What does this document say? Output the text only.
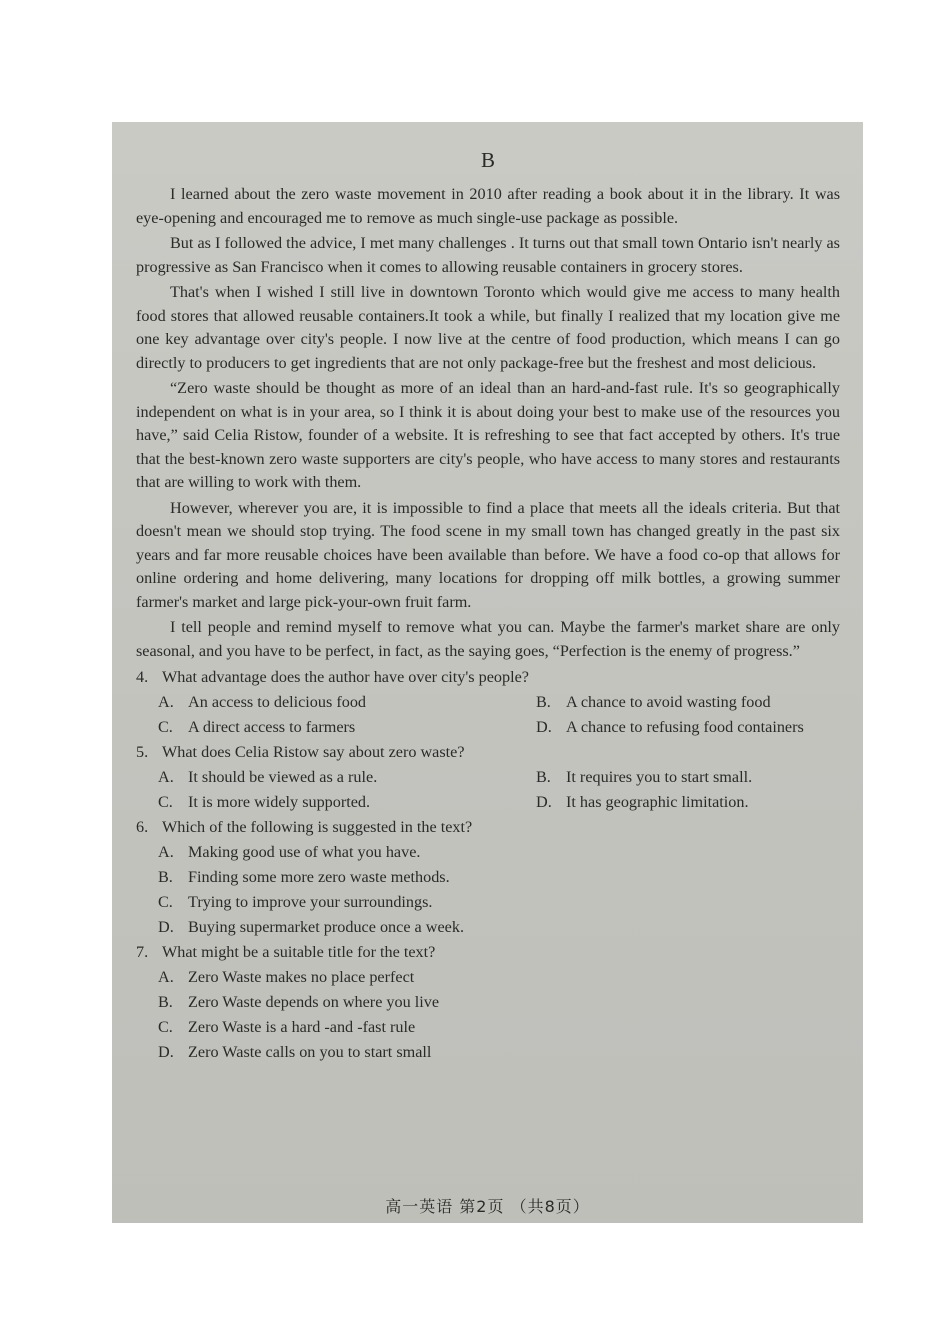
B

I learned about the zero waste movement in 2010 after reading a book about it in the library. It was eye-opening and encouraged me to remove as much single-use package as possible.

But as I followed the advice, I met many challenges . It turns out that small town Ontario isn't nearly as progressive as San Francisco when it comes to allowing reusable containers in grocery stores.

That's when I wished I still live in downtown Toronto which would give me access to many health food stores that allowed reusable containers.It took a while, but finally I realized that my location give me one key advantage over city's people. I now live at the centre of food production, which means I can go directly to producers to get ingredients that are not only package-free but the freshest and most delicious.

“Zero waste should be thought as more of an ideal than an hard-and-fast rule. It's so geographically independent on what is in your area, so I think it is about doing your best to make use of the resources you have,” said Celia Ristow, founder of a website. It is refreshing to see that fact accepted by others. It's true that the best-known zero waste supporters are city's people, who have access to many stores and restaurants that are willing to work with them.

However, wherever you are, it is impossible to find a place that meets all the ideals criteria. But that doesn't mean we should stop trying. The food scene in my small town has changed greatly in the past six years and far more reusable choices have been available than before. We have a food co-op that allows for online ordering and home delivering, many locations for dropping off milk bottles, a growing summer farmer's market and large pick-your-own fruit farm.

I tell people and remind myself to remove what you can. Maybe the farmer's market share are only seasonal, and you have to be perfect, in fact, as the saying goes, “Perfection is the enemy of progress.”

4. What advantage does the author have over city's people?
A. An access to delicious food	B. A chance to avoid wasting food
C. A direct access to farmers	D. A chance to refusing food containers
5. What does Celia Ristow say about zero waste?
A. It should be viewed as a rule.	B. It requires you to start small.
C. It is more widely supported.	D. It has geographic limitation.
6. Which of the following is suggested in the text?
A. Making good use of what you have.
B. Finding some more zero waste methods.
C. Trying to improve your surroundings.
D. Buying supermarket produce once a week.
7. What might be a suitable title for the text?
A. Zero Waste makes no place perfect
B. Zero Waste depends on where you live
C. Zero Waste is a hard -and -fast rule
D. Zero Waste calls on you to start small
高一英语 第2页 （共8页）
